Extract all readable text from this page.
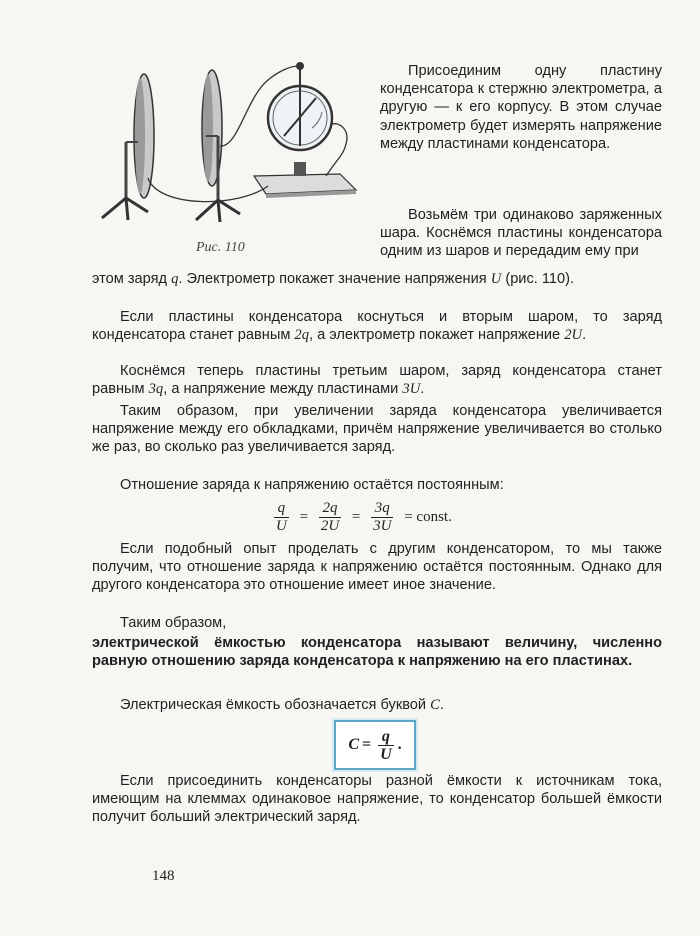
Рис. 110

Присоединим одну пластину конденсатора к стержню электрометра, а другую — к его корпусу. В этом случае электрометр будет измерять напряжение между пластинами конденсатора.

Возьмём три одинаково заряженных шара. Коснёмся пластины конденсатора одним из шаров и передадим ему при

этом заряд q. Электрометр покажет значение напряжения U (рис. 110).

Если пластины конденсатора коснуться и вторым шаром, то заряд конденсатора станет равным 2q, а электрометр покажет напряжение 2U.

Коснёмся теперь пластины третьим шаром, заряд конденсатора станет равным 3q, а напряжение между пластинами 3U.

Таким образом, при увеличении заряда конденсатора увеличивается напряжение между его обкладками, причём напряжение увеличивается во столько же раз, во сколько раз увеличивается заряд.

Отношение заряда к напряжению остаётся постоянным:

$\frac{q}{U} = \frac{2q}{2U} = \frac{3q}{3U}$ = const.

Если подобный опыт проделать с другим конденсатором, то мы также получим, что отношение заряда к напряжению остаётся постоянным. Однако для другого конденсатора это отношение имеет иное значение.

Таким образом,

электрической ёмкостью конденсатора называют величину, численно равную отношению заряда конденсатора к напряжению на его пластинах.

Электрическая ёмкость обозначается буквой C.

$C = \frac{q}{U}$ .

Если присоединить конденсаторы разной ёмкости к источникам тока, имеющим на клеммах одинаковое напряжение, то конденсатор большей ёмкости получит больший электрический заряд.

148
